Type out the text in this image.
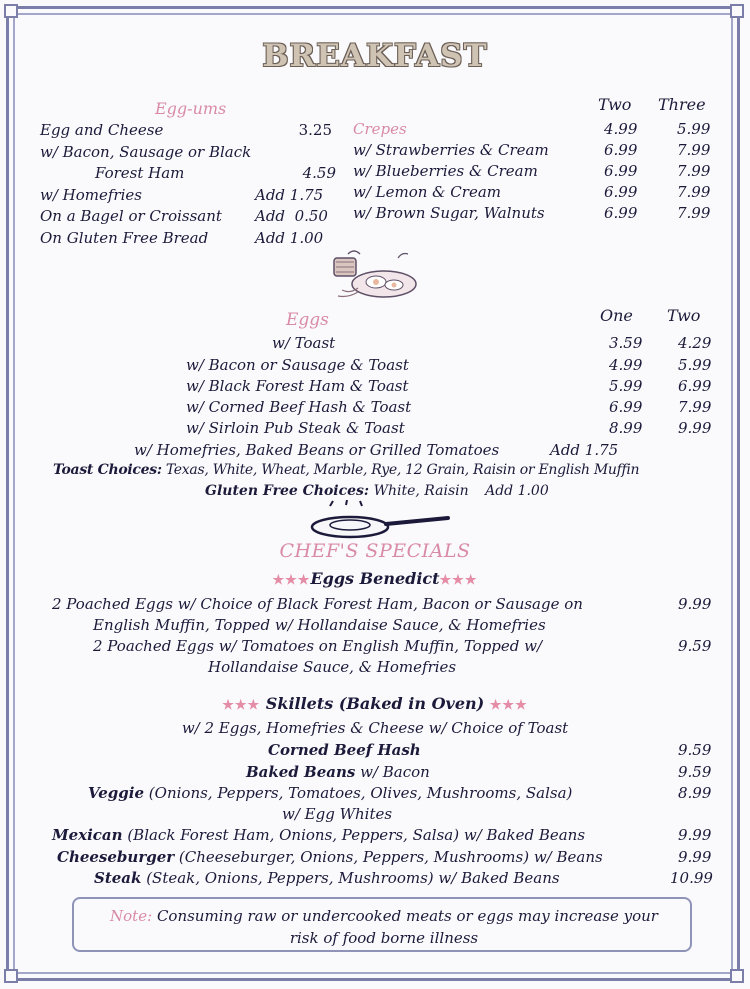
BREAKFAST
Egg-ums
Egg and Cheese	3.25
w/ Bacon, Sausage or Black
Forest Ham	4.59
w/ Homefries	Add 1.75
On a Bagel or Croissant Add  0.50
On Gluten Free Bread	Add 1.00
Two Three
Crepes	4.99	5.99
w/ Strawberries & Cream	6.99	7.99
w/ Blueberries & Cream	6.99	7.99
w/ Lemon & Cream	6.99	7.99
w/ Brown Sugar, Walnuts	6.99	7.99
One Two
Eggs
w/ Toast	3.59 4.29
w/ Bacon or Sausage & Toast	4.99 5.99
w/ Black Forest Ham & Toast	5.99 6.99
w/ Corned Beef Hash & Toast	6.99 7.99
w/ Sirloin Pub Steak & Toast	8.99 9.99
w/ Homefries, Baked Beans or Grilled Tomatoes	Add 1.75
Toast Choices: Texas, White, Wheat, Marble, Rye, 12 Grain, Raisin or English Muffin
Gluten Free Choices: White, Raisin Add 1.00
CHEF'S SPECIALS
★★★Eggs Benedict★★★
2 Poached Eggs w/ Choice of Black Forest Ham, Bacon or Sausage on	9.99
English Muffin, Topped w/ Hollandaise Sauce, & Homefries
2 Poached Eggs w/ Tomatoes on English Muffin, Topped w/	9.59
Hollandaise Sauce, & Homefries
★★★ Skillets (Baked in Oven) ★★★
w/ 2 Eggs, Homefries & Cheese w/ Choice of Toast
Corned Beef Hash	9.59
Baked Beans w/ Bacon	9.59
Veggie (Onions, Peppers, Tomatoes, Olives, Mushrooms, Salsa)	8.99
w/ Egg Whites
Mexican (Black Forest Ham, Onions, Peppers, Salsa) w/ Baked Beans	9.99
Cheeseburger (Cheeseburger, Onions, Peppers, Mushrooms) w/ Beans	9.99
Steak (Steak, Onions, Peppers, Mushrooms) w/ Baked Beans	10.99
Note: Consuming raw or undercooked meats or eggs may increase your
risk of food borne illness
